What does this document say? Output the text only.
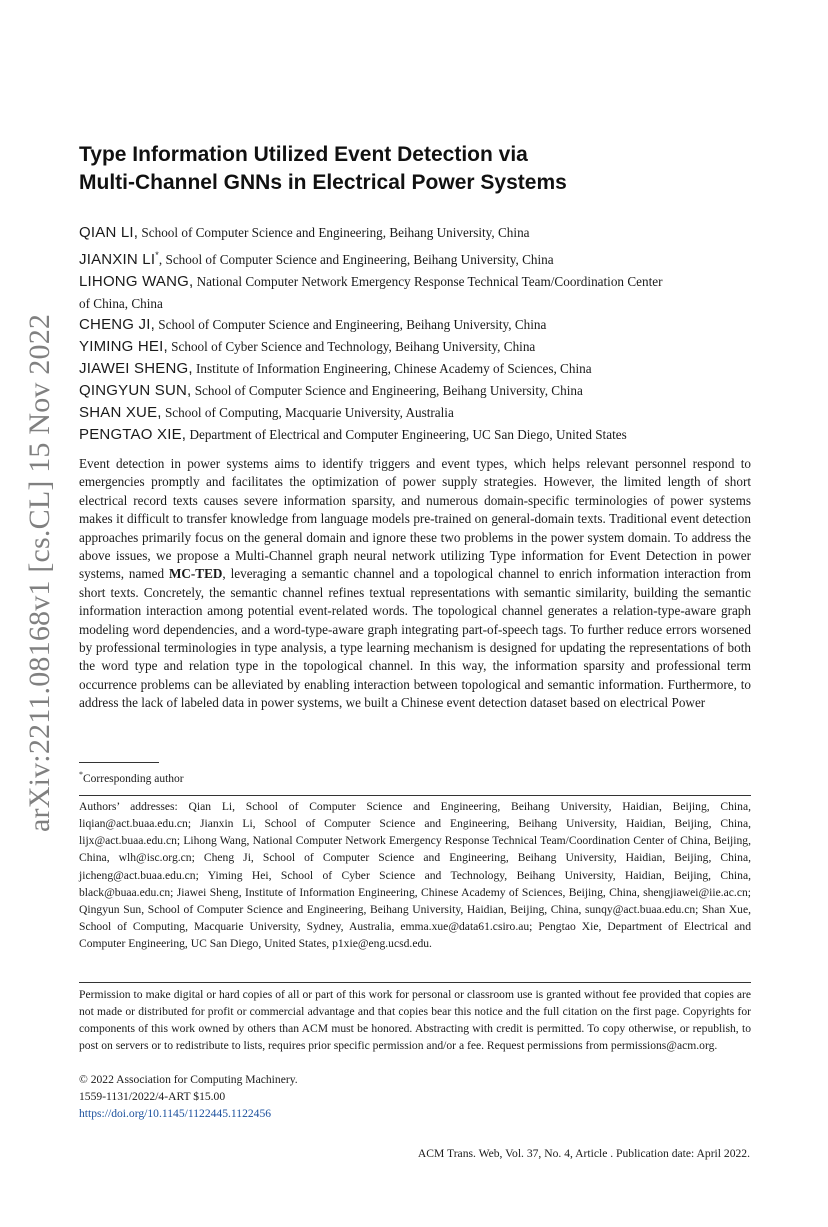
arXiv:2211.08168v1 [cs.CL] 15 Nov 2022
Type Information Utilized Event Detection via
Multi-Channel GNNs in Electrical Power Systems
QIAN LI, School of Computer Science and Engineering, Beihang University, China
JIANXIN LI*, School of Computer Science and Engineering, Beihang University, China
LIHONG WANG, National Computer Network Emergency Response Technical Team/Coordination Center
of China, China
CHENG JI, School of Computer Science and Engineering, Beihang University, China
YIMING HEI, School of Cyber Science and Technology, Beihang University, China
JIAWEI SHENG, Institute of Information Engineering, Chinese Academy of Sciences, China
QINGYUN SUN, School of Computer Science and Engineering, Beihang University, China
SHAN XUE, School of Computing, Macquarie University, Australia
PENGTAO XIE, Department of Electrical and Computer Engineering, UC San Diego, United States
Event detection in power systems aims to identify triggers and event types, which helps relevant personnel respond to emergencies promptly and facilitates the optimization of power supply strategies. However, the limited length of short electrical record texts causes severe information sparsity, and numerous domain-specific terminologies of power systems makes it difficult to transfer knowledge from language models pre-trained on general-domain texts. Traditional event detection approaches primarily focus on the general domain and ignore these two problems in the power system domain. To address the above issues, we propose a Multi-Channel graph neural network utilizing Type information for Event Detection in power systems, named MC-TED, leveraging a semantic channel and a topological channel to enrich information interaction from short texts. Concretely, the semantic channel refines textual representations with semantic similarity, building the semantic information interaction among potential event-related words. The topological channel generates a relation-type-aware graph modeling word dependencies, and a word-type-aware graph integrating part-of-speech tags. To further reduce errors worsened by professional terminologies in type analysis, a type learning mechanism is designed for updating the representations of both the word type and relation type in the topological channel. In this way, the information sparsity and professional term occurrence problems can be alleviated by enabling interaction between topological and semantic information. Furthermore, to address the lack of labeled data in power systems, we built a Chinese event detection dataset based on electrical Power
*Corresponding author
Authors’ addresses: Qian Li, School of Computer Science and Engineering, Beihang University, Haidian, Beijing, China, liqian@act.buaa.edu.cn; Jianxin Li, School of Computer Science and Engineering, Beihang University, Haidian, Beijing, China, lijx@act.buaa.edu.cn; Lihong Wang, National Computer Network Emergency Response Technical Team/Coordination Center of China, Beijing, China, wlh@isc.org.cn; Cheng Ji, School of Computer Science and Engineering, Beihang University, Haidian, Beijing, China, jicheng@act.buaa.edu.cn; Yiming Hei, School of Cyber Science and Technology, Beihang University, Haidian, Beijing, China, black@buaa.edu.cn; Jiawei Sheng, Institute of Information Engineering, Chinese Academy of Sciences, Beijing, China, shengjiawei@iie.ac.cn; Qingyun Sun, School of Computer Science and Engineering, Beihang University, Haidian, Beijing, China, sunqy@act.buaa.edu.cn; Shan Xue, School of Computing, Macquarie University, Sydney, Australia, emma.xue@data61.csiro.au; Pengtao Xie, Department of Electrical and Computer Engineering, UC San Diego, United States, p1xie@eng.ucsd.edu.
Permission to make digital or hard copies of all or part of this work for personal or classroom use is granted without fee provided that copies are not made or distributed for profit or commercial advantage and that copies bear this notice and the full citation on the first page. Copyrights for components of this work owned by others than ACM must be honored. Abstracting with credit is permitted. To copy otherwise, or republish, to post on servers or to redistribute to lists, requires prior specific permission and/or a fee. Request permissions from permissions@acm.org.
© 2022 Association for Computing Machinery.
1559-1131/2022/4-ART $15.00
https://doi.org/10.1145/1122445.1122456
ACM Trans. Web, Vol. 37, No. 4, Article . Publication date: April 2022.
